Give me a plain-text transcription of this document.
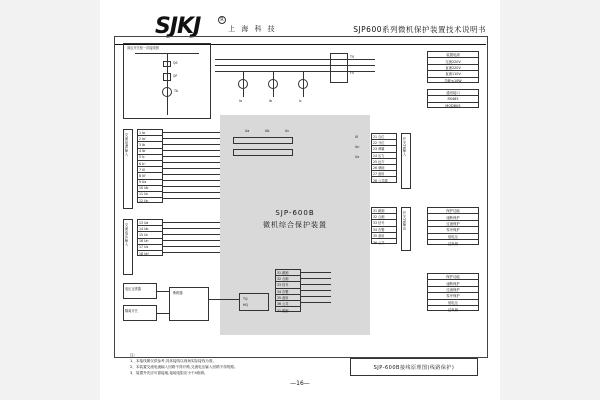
SJKJ	R
上 海 科 技	SJP600系列微机保护装置技术说明书
SJP-600B
微机综合保护装置
高压开关柜一次接线图
QF
TA
QS
Ia	Ib	Ic
TV
FV
Ua	Ub	Uc
交流电流输入
1 Ia
2 Ia'
3 Ib
4 Ib'
5 Ic
6 Ic'
7 I0
8 I0'
9 Ua
10 Ub
11 Uc
12 Un
交流电压输入
13 Ua
14 Ub
15 Uc
16 Un
17 Ux
18 Un'
电压互感器
隔离开关
断路器
TQ
HQ
开关量输入
21 合位
22 分位
23 弹簧
24 压力
25 远方
26 就地
27 备用
28 公共端
开关量输出
31 跳闸
32 合闸
33 信号
34 告警
35 备用
36 公共
31 跳闸
32 合闸
33 信号
34 告警
35 备用
36 公共
31 跳闸
装置电源
交流220V
直流220V
直流110V
功耗≤10W
通讯接口
RS485
MODBUS
保护功能
速断保护
过流保护
零序保护
低电压
过负荷
保护功能
速断保护
过流保护
零序保护
低电压
过负荷
I0
Un
Ux
注:
1、本接线图仅供参考,具体接线以现场实际接线为准。
2、本装置交流电流输入回路不得开路,交流电压输入回路不得短路。
3、装置外壳应可靠接地,接地电阻应小于4欧姆。
SJP-600B接线原理图(线路保护)
—16—
